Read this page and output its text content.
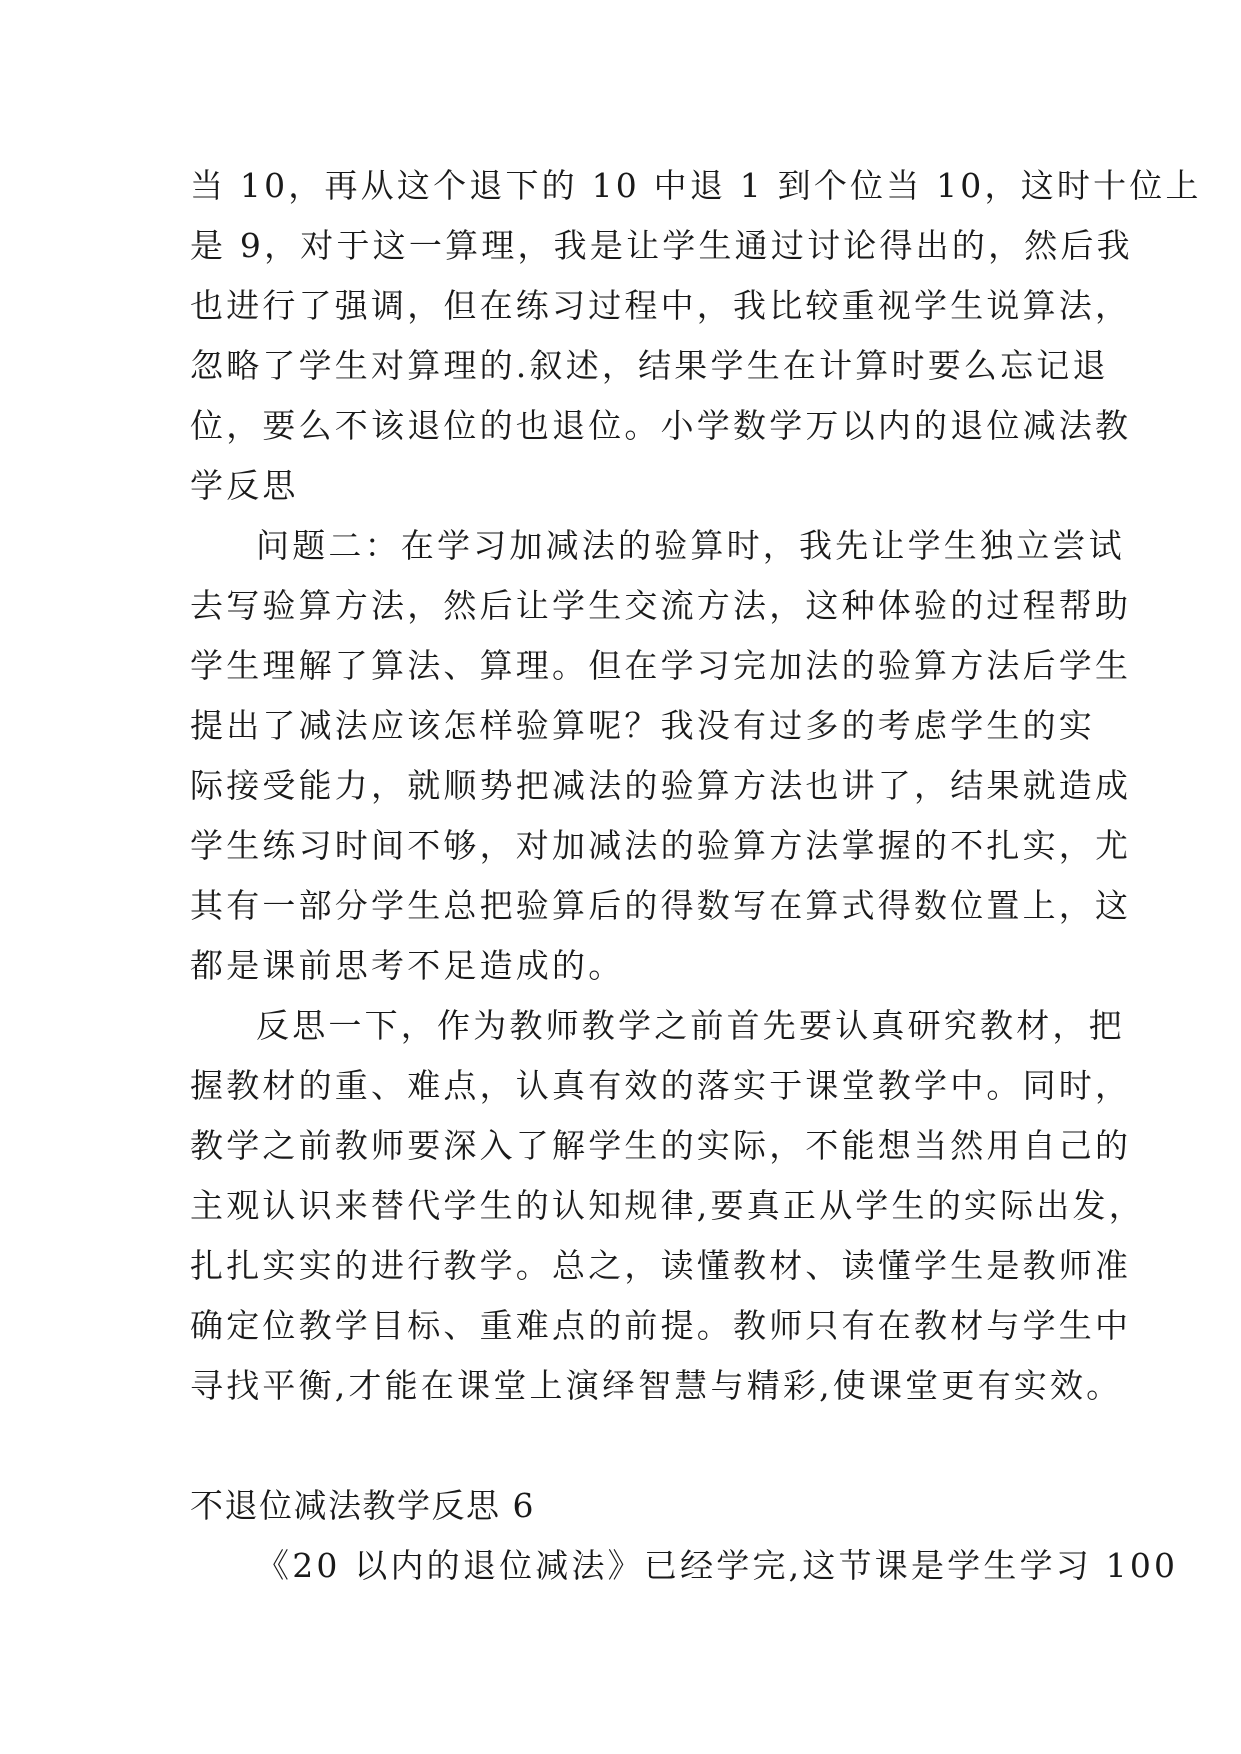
当 10，再从这个退下的 10 中退 1 到个位当 10，这时十位上
是 9，对于这一算理，我是让学生通过讨论得出的，然后我
也进行了强调，但在练习过程中，我比较重视学生说算法，
忽略了学生对算理的.叙述，结果学生在计算时要么忘记退
位，要么不该退位的也退位。小学数学万以内的退位减法教
学反思
问题二：在学习加减法的验算时，我先让学生独立尝试
去写验算方法，然后让学生交流方法，这种体验的过程帮助
学生理解了算法、算理。但在学习完加法的验算方法后学生
提出了减法应该怎样验算呢？我没有过多的考虑学生的实
际接受能力，就顺势把减法的验算方法也讲了，结果就造成
学生练习时间不够，对加减法的验算方法掌握的不扎实，尤
其有一部分学生总把验算后的得数写在算式得数位置上，这
都是课前思考不足造成的。
反思一下，作为教师教学之前首先要认真研究教材，把
握教材的重、难点，认真有效的落实于课堂教学中。同时，
教学之前教师要深入了解学生的实际，不能想当然用自己的
主观认识来替代学生的认知规律,要真正从学生的实际出发，
扎扎实实的进行教学。总之，读懂教材、读懂学生是教师准
确定位教学目标、重难点的前提。教师只有在教材与学生中
寻找平衡,才能在课堂上演绎智慧与精彩,使课堂更有实效。
不退位减法教学反思 6
《20 以内的退位减法》已经学完,这节课是学生学习 100
